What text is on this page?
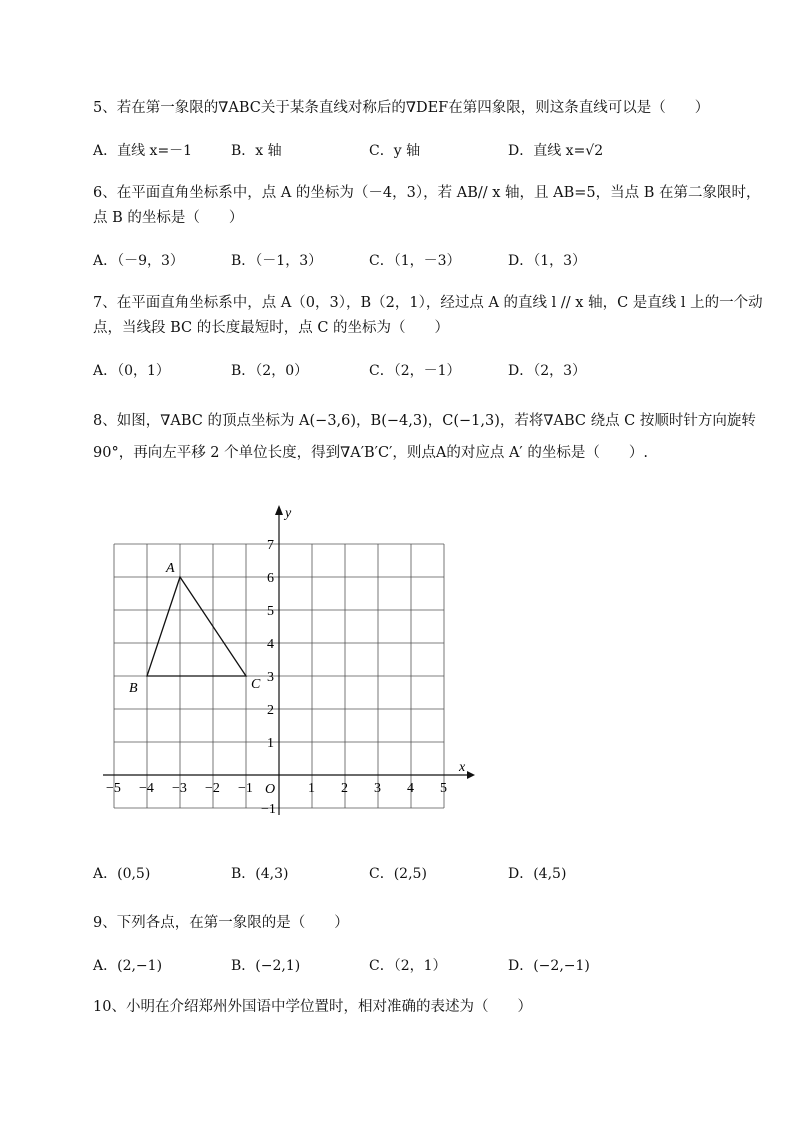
5、若在第一象限的∇ABC关于某条直线对称后的∇DEF在第四象限，则这条直线可以是（　　）
A．直线 x=－1	B．x 轴	C．y 轴	D．直线 x=√2
6、在平面直角坐标系中，点 A 的坐标为（－4，3），若 AB// x 轴，且 AB=5，当点 B 在第二象限时，
点 B 的坐标是（　　）
A．（－9，3）	B．（－1，3）	C．（1，－3）	D．（1，3）
7、在平面直角坐标系中，点 A（0，3），B（2，1），经过点 A 的直线 l // x 轴，C 是直线 l 上的一个动
点，当线段 BC 的长度最短时，点 C 的坐标为（　　）
A．（0，1）	B．（2，0）	C．（2，－1）	D．（2，3）
8、如图，∇ABC 的顶点坐标为 A(−3,6)，B(−4,3)，C(−1,3)，若将∇ABC 绕点 C 按顺时针方向旋转
90°，再向左平移 2 个单位长度，得到∇A′B′C′，则点A的对应点 A′ 的坐标是（　　）.
x
y
O
−5 −4 −3 −2 −1	1 2 3 4 5
7
6
5
4
3
2
1
−1
A
B	C
A．(0,5)	B．(4,3)	C．(2,5)	D．(4,5)
9、下列各点，在第一象限的是（　　）
A．(2,−1)	B．(−2,1)	C．（2，1）	D．(−2,−1)
10、小明在介绍郑州外国语中学位置时，相对准确的表述为（　　）
